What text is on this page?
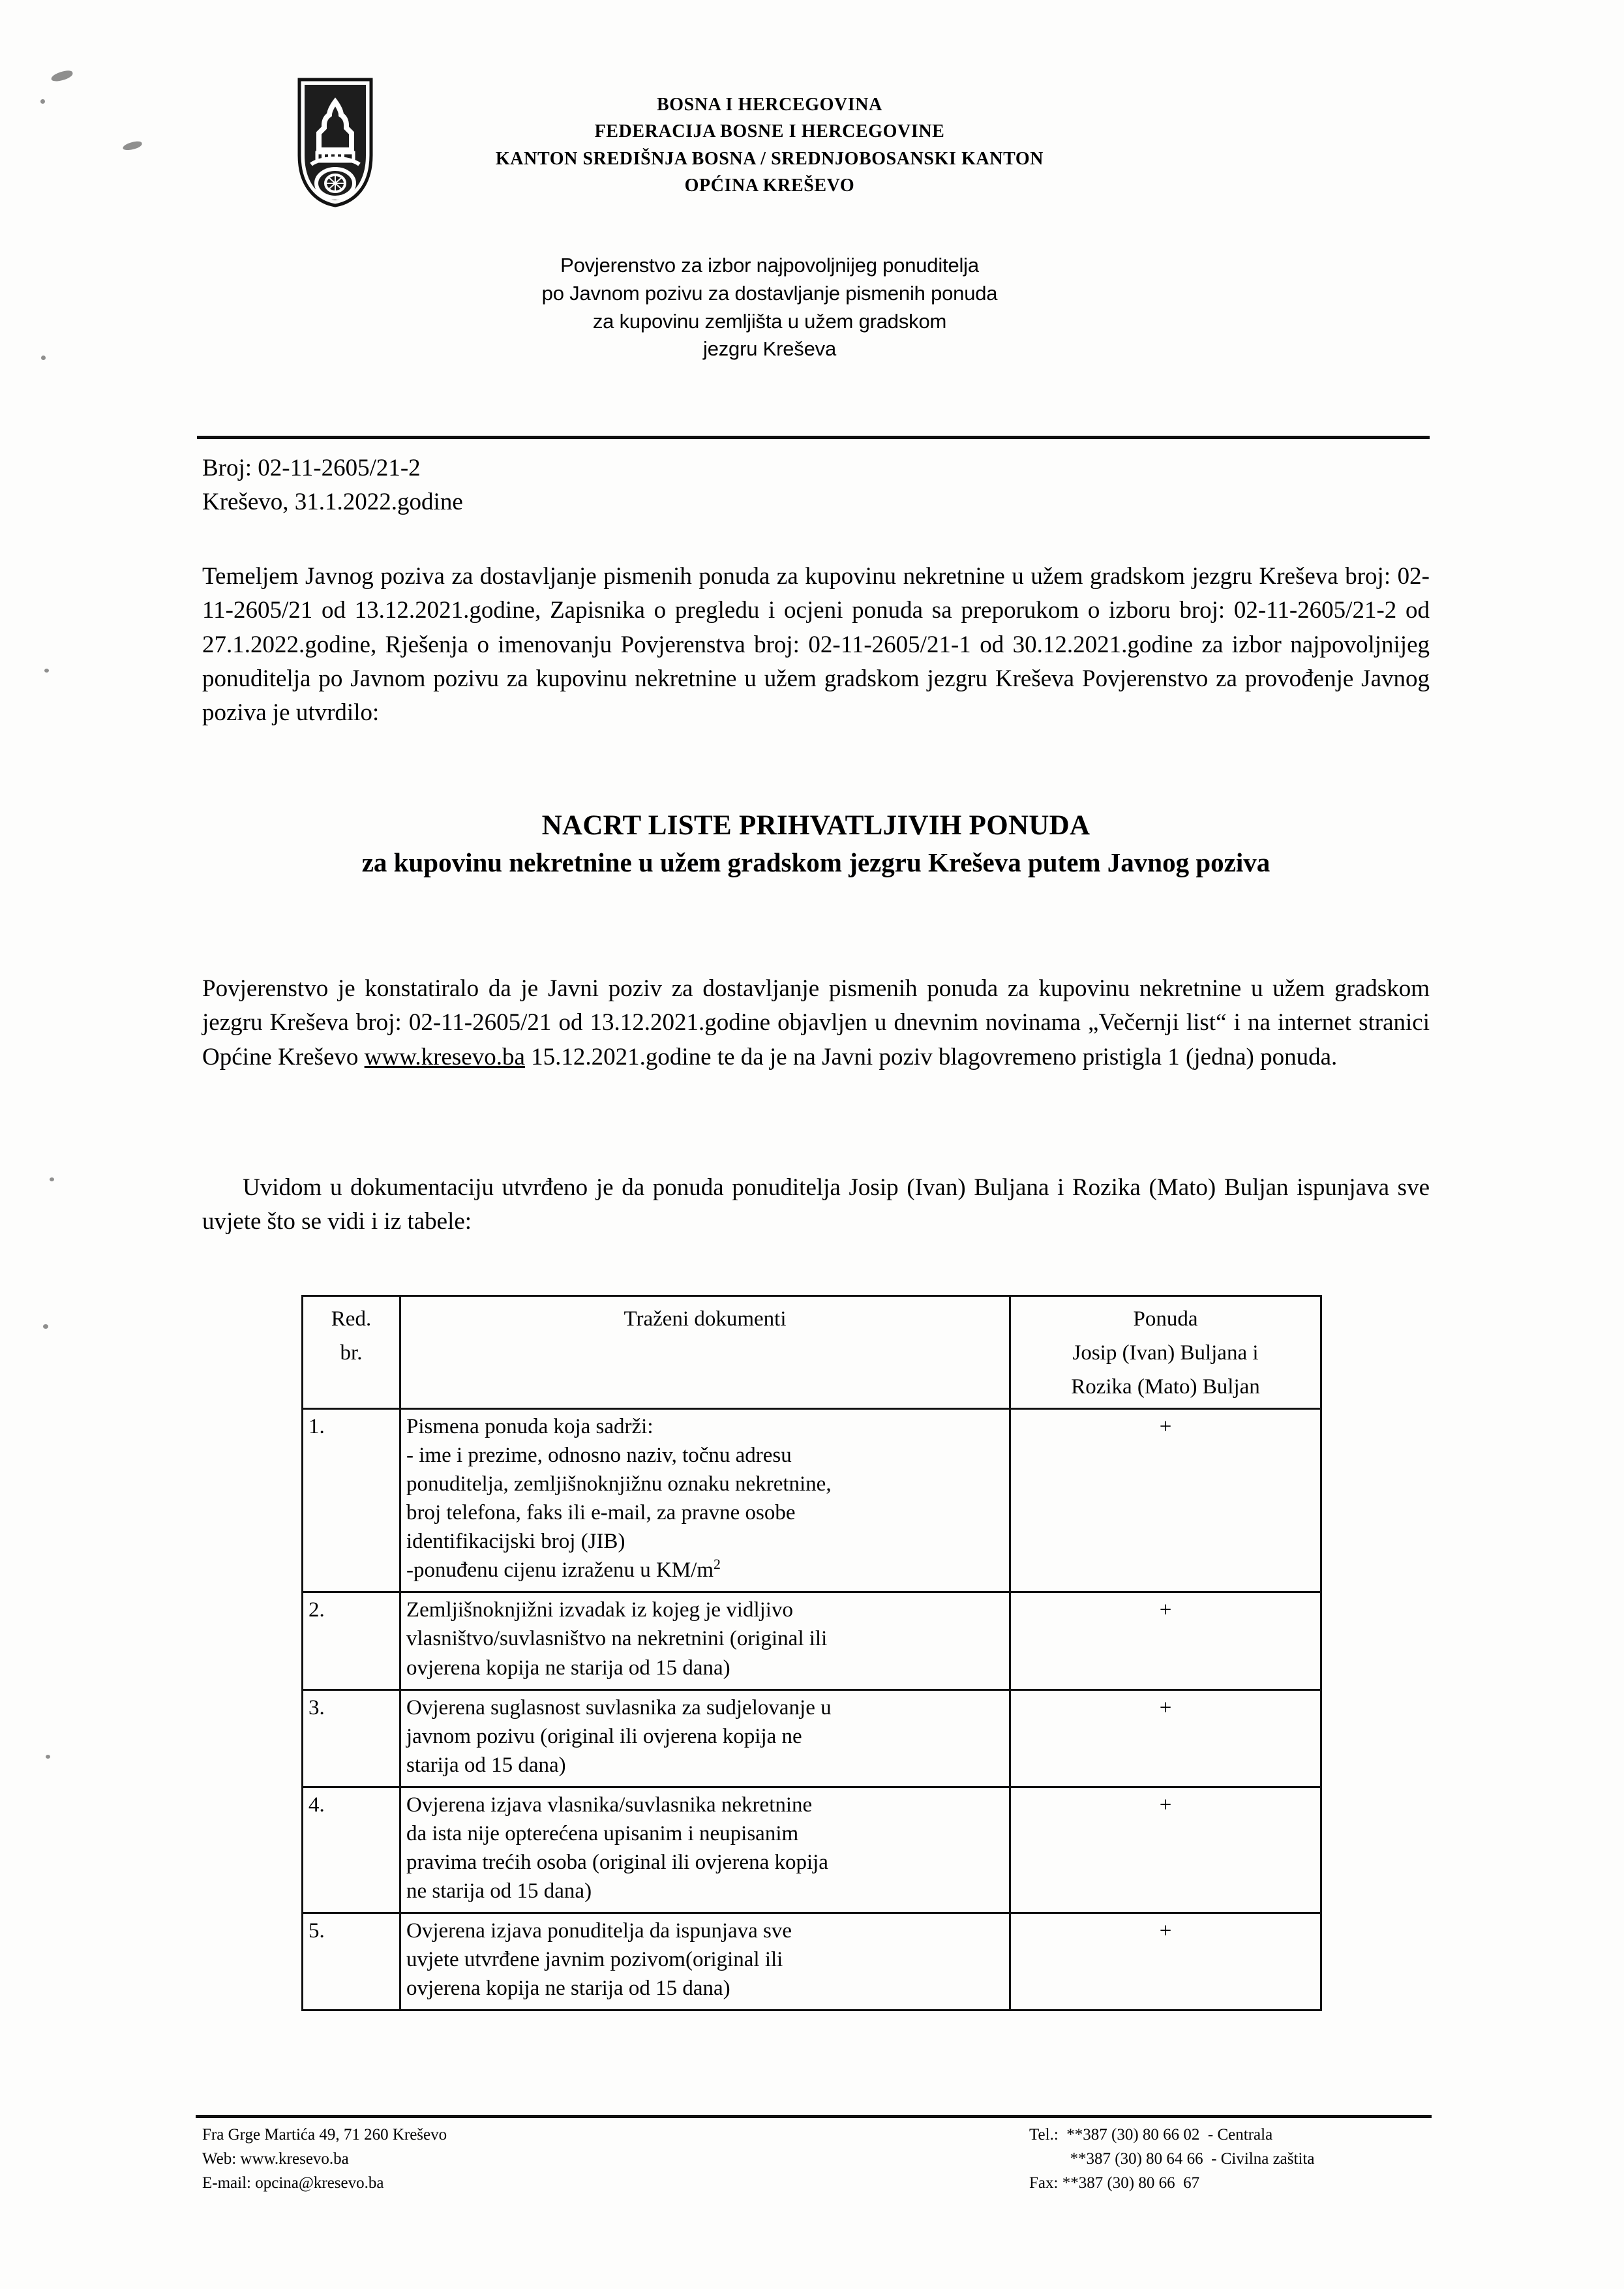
BOSNA I HERCEGOVINA
FEDERACIJA BOSNE I HERCEGOVINE
KANTON SREDIŠNJA BOSNA / SREDNJOBOSANSKI KANTON
OPĆINA KREŠEVO
Povjerenstvo za izbor najpovoljnijeg ponuditelja
po Javnom pozivu za dostavljanje pismenih ponuda
za kupovinu zemljišta u užem gradskom
jezgru Kreševa
Broj: 02-11-2605/21-2
Kreševo, 31.1.2022.godine
Temeljem Javnog poziva za dostavljanje pismenih ponuda za kupovinu nekretnine u užem gradskom jezgru Kreševa broj: 02-11-2605/21 od 13.12.2021.godine, Zapisnika o pregledu i ocjeni ponuda sa preporukom o izboru broj: 02-11-2605/21-2 od 27.1.2022.godine, Rješenja o imenovanju Povjerenstva broj: 02-11-2605/21-1 od 30.12.2021.godine za izbor najpovoljnijeg ponuditelja po Javnom pozivu za kupovinu nekretnine u užem gradskom jezgru Kreševa Povjerenstvo za provođenje Javnog poziva je utvrdilo:
NACRT LISTE PRIHVATLJIVIH PONUDA
za kupovinu nekretnine u užem gradskom jezgru Kreševa putem Javnog poziva
Povjerenstvo je konstatiralo da je Javni poziv za dostavljanje pismenih ponuda za kupovinu nekretnine u užem gradskom jezgru Kreševa broj: 02-11-2605/21 od 13.12.2021.godine objavljen u dnevnim novinama „Večernji list“ i na internet stranici Općine Kreševo www.kresevo.ba 15.12.2021.godine te da je na Javni poziv blagovremeno pristigla 1 (jedna) ponuda.
Uvidom u dokumentaciju utvrđeno je da ponuda ponuditelja Josip (Ivan) Buljana i Rozika (Mato) Buljan ispunjava sve uvjete što se vidi i iz tabele:
Red.
br.

Traženi dokumenti	Ponuda
Josip (Ivan) Buljana i
Rozika (Mato) Buljan

1.	Pismena ponuda koja sadrži:
- ime i prezime, odnosno naziv, točnu adresu
ponuditelja, zemljišnoknjižnu oznaku nekretnine,
broj telefona, faks ili e-mail, za pravne osobe
identifikacijski broj (JIB)
-ponuđenu cijenu izraženu u $KM/m^2$
	+
2.	Zemljišnoknjižni izvadak iz kojeg je vidljivo
vlasništvo/suvlasništvo na nekretnini (original ili
ovjerena kopija ne starija od 15 dana)	+
3.	Ovjerena suglasnost suvlasnika za sudjelovanje u
javnom pozivu (original ili ovjerena kopija ne
starija od 15 dana)	+
4.	Ovjerena izjava vlasnika/suvlasnika nekretnine
da ista nije opterećena upisanim i neupisanim
pravima trećih osoba (original ili ovjerena kopija
ne starija od 15 dana)	+
5.	Ovjerena izjava ponuditelja da ispunjava sve
uvjete utvrđene javnim pozivom(original ili
ovjerena kopija ne starija od 15 dana)	+
Fra Grge Martića 49, 71 260 Kreševo
Web: www.kresevo.ba
E-mail: opcina@kresevo.ba
Tel.:  **387 (30) 80 66 02  - Centrala
**387 (30) 80 64 66  - Civilna zaštita
Fax: **387 (30) 80 66  67
